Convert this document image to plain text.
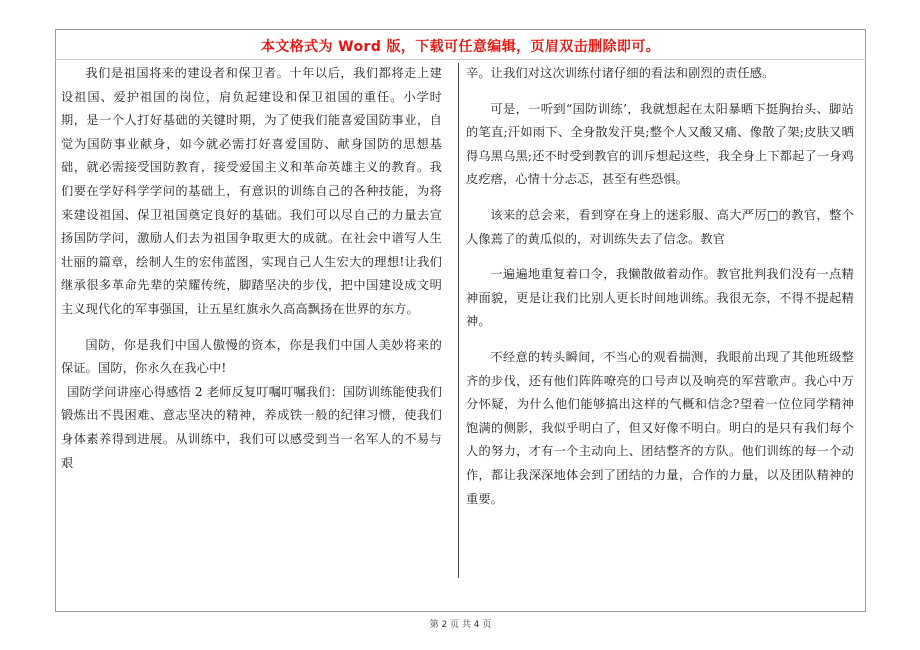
本文格式为 Word 版，下载可任意编辑，页眉双击删除即可。

我们是祖国将来的建设者和保卫者。十年以后，我们都将走上建设祖国、爱护祖国的岗位，肩负起建设和保卫祖国的重任。小学时期，是一个人打好基础的关键时期，为了使我们能喜爱国防事业，自觉为国防事业献身，如今就必需打好喜爱国防、献身国防的思想基础，就必需接受国防教育，接受爱国主义和革命英雄主义的教育。我们要在学好科学学问的基础上，有意识的训练自己的各种技能，为将来建设祖国、保卫祖国奠定良好的基础。我们可以尽自己的力量去宣扬国防学问，激励人们去为祖国争取更大的成就。在社会中谱写人生壮丽的篇章，绘制人生的宏伟蓝图，实现自己人生宏大的理想!让我们继承很多革命先辈的荣耀传统，脚踏坚决的步伐，把中国建设成文明主义现代化的军事强国，让五星红旗永久高高飘扬在世界的东方。

国防，你是我们中国人傲慢的资本，你是我们中国人美妙将来的保证。国防，你永久在我心中!

国防学问讲座心得感悟 2 老师反复叮嘱叮嘱我们：国防训练能使我们锻炼出不畏困难、意志坚决的精神，养成铁一般的纪律习惯，使我们身体素养得到进展。从训练中，我们可以感受到当一名军人的不易与艰

辛。让我们对这次训练付诸仔细的看法和剧烈的责任感。

可是，一听到“国防训练’，我就想起在太阳暴晒下挺胸抬头、脚站的笔直;汗如雨下、全身散发汗臭;整个人又酸又痛、像散了架;皮肤又晒得乌黑乌黑;还不时受到教官的训斥想起这些，我全身上下都起了一身鸡皮疙瘩，心情十分忐忑，甚至有些恐惧。

该来的总会来，看到穿在身上的迷彩服、高大严厉□的教官，整个人像蔫了的黄瓜似的，对训练失去了信念。教官

一遍遍地重复着口令，我懒散做着动作。教官批判我们没有一点精神面貌，更是让我们比别人更长时间地训练。我很无奈，不得不提起精神。

不经意的转头瞬间，不当心的观看揣测，我眼前出现了其他班级整齐的步伐，还有他们阵阵嘹亮的口号声以及响亮的军营歌声。我心中万分怀疑，为什么他们能够搞出这样的气概和信念?望着一位位同学精神饱满的侧影，我似乎明白了，但又好像不明白。明白的是只有我们每个人的努力，才有一个主动向上、团结整齐的方队。他们训练的每一个动作，都让我深深地体会到了团结的力量，合作的力量，以及团队精神的重要。

第 2 页 共 4 页
